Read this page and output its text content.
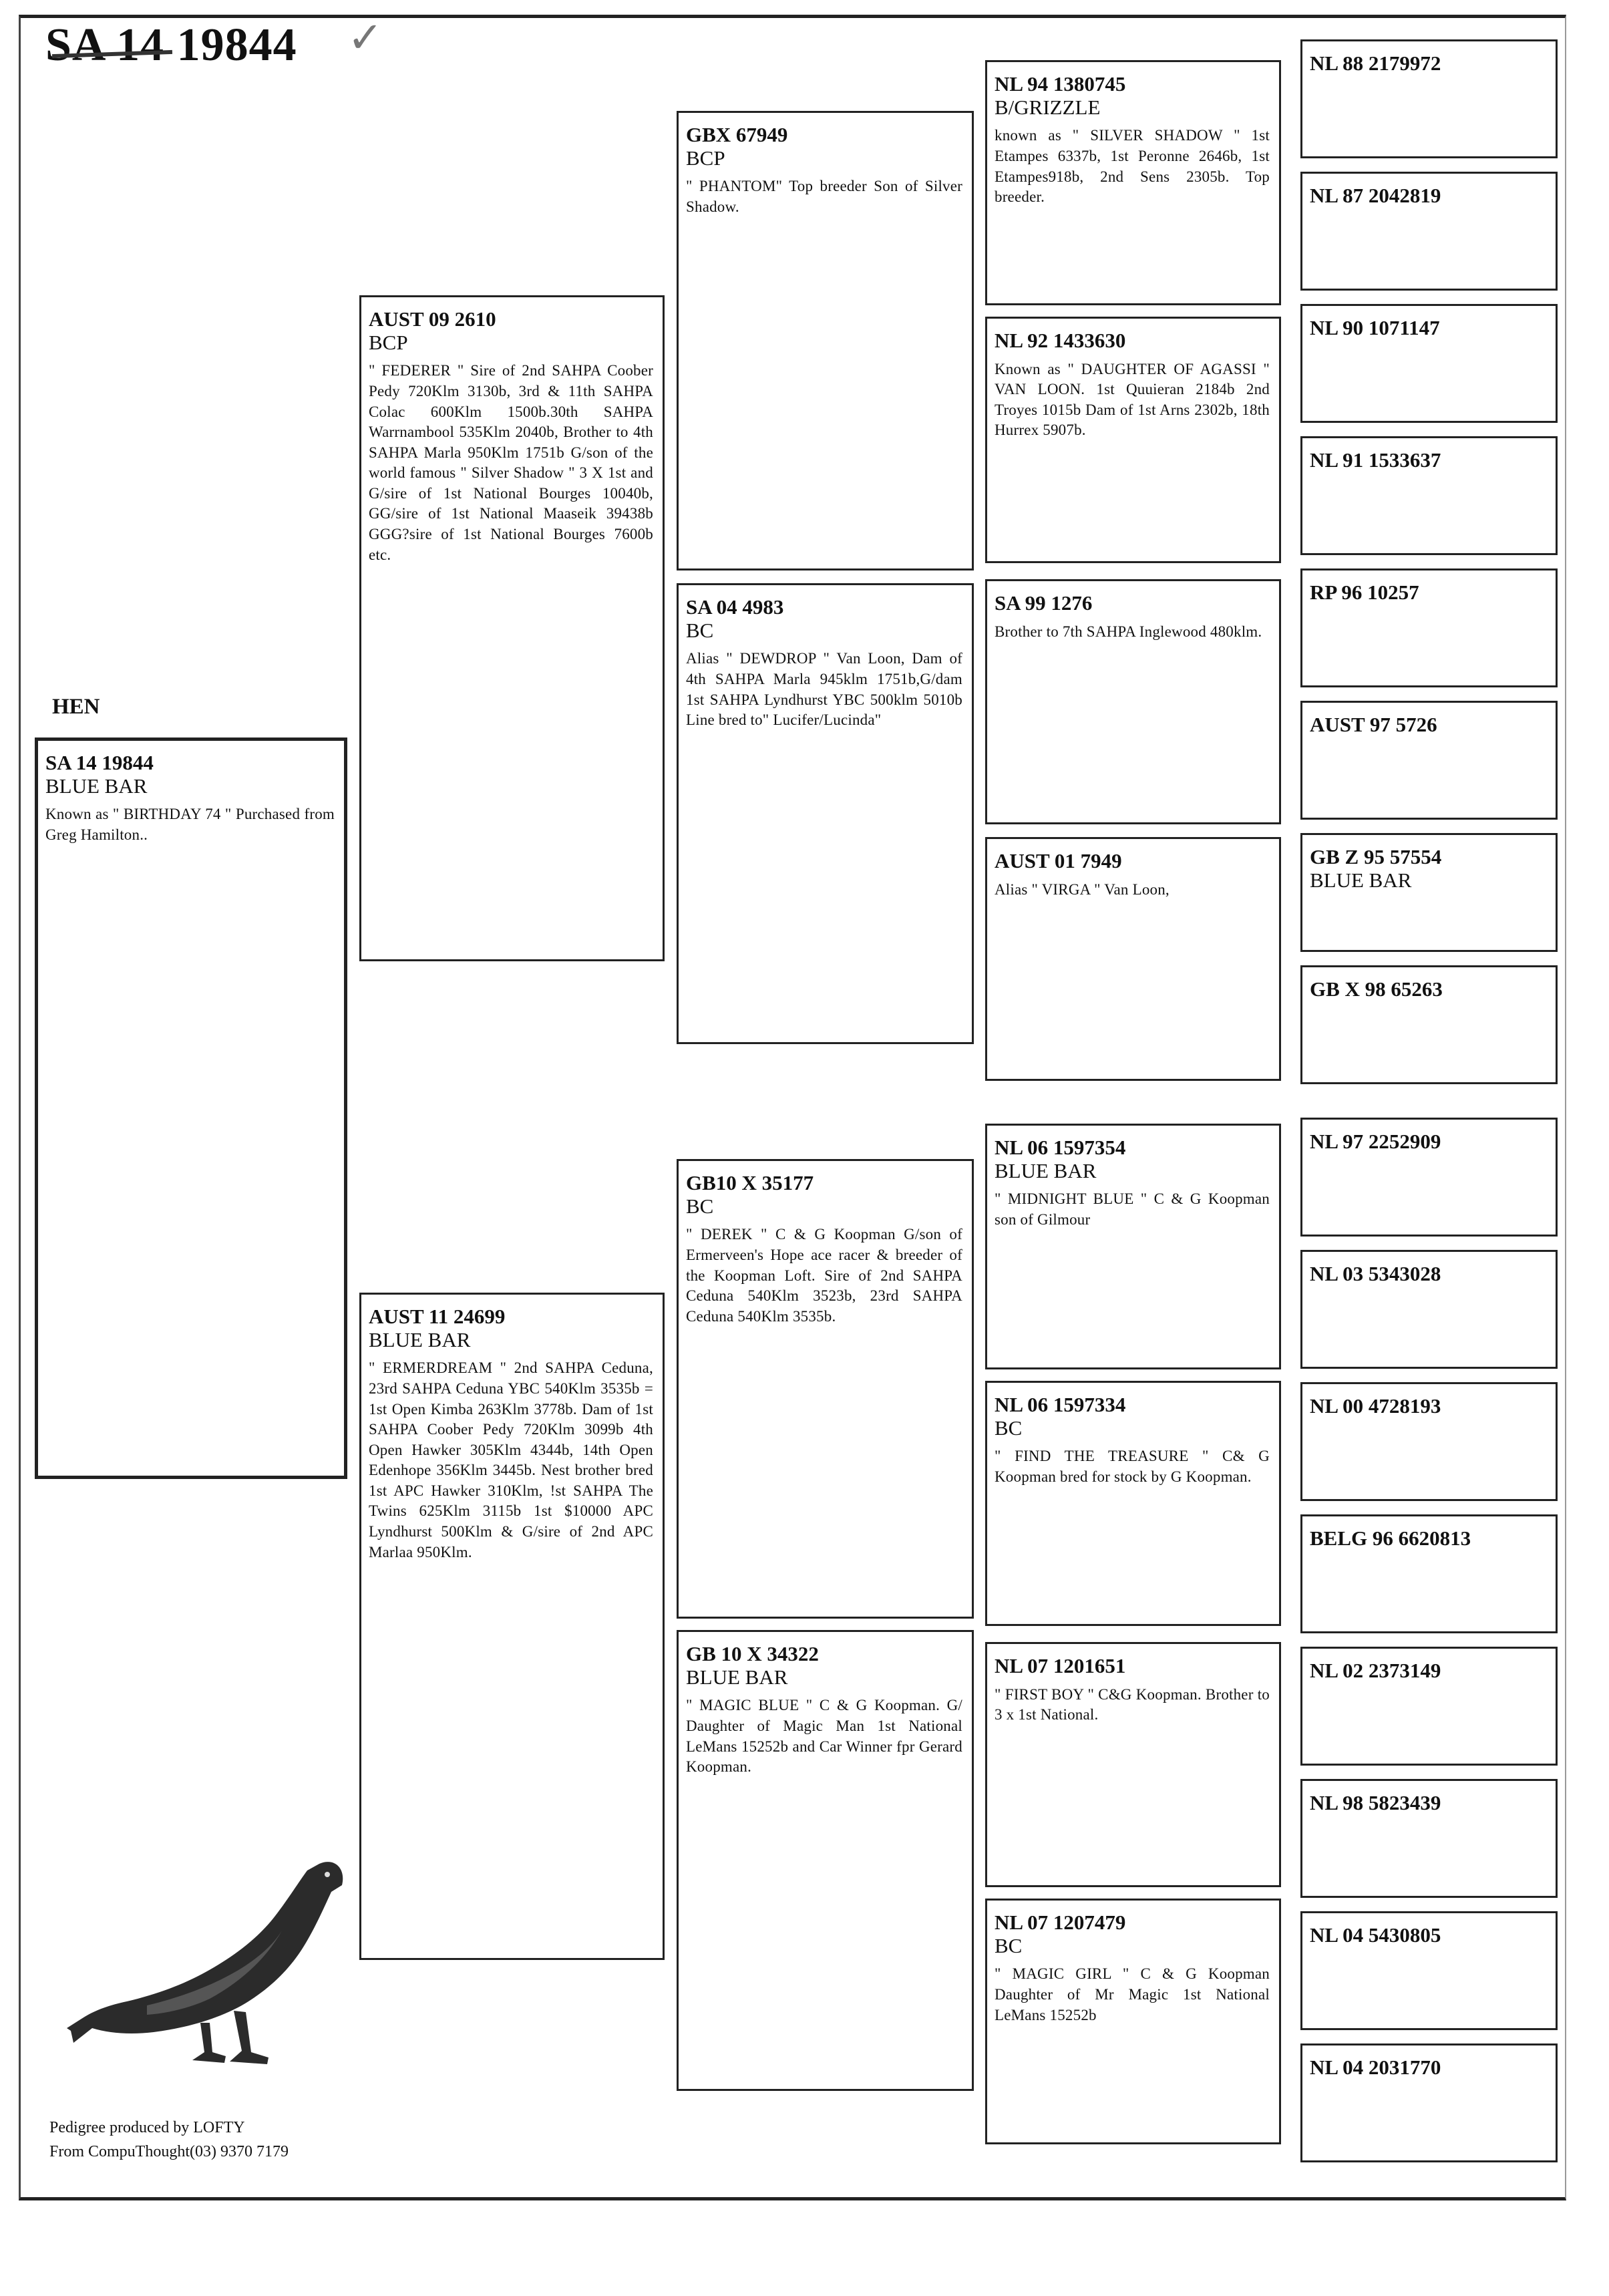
SA 14 19844 ✓
HEN
SA 14 19844
BLUE BAR
Known as " BIRTHDAY 74 " Purchased from Greg Hamilton..
AUST 09 2610
BCP
" FEDERER " Sire of 2nd SAHPA Coober Pedy 720Klm 3130b, 3rd & 11th SAHPA Colac 600Klm 1500b.30th SAHPA Warrnambool 535Klm 2040b, Brother to 4th SAHPA Marla 950Klm 1751b G/son of the world famous " Silver Shadow " 3 X 1st and G/sire of 1st National Bourges 10040b, GG/sire of 1st National Maaseik 39438b GGG?sire of 1st National Bourges 7600b etc.
AUST 11 24699
BLUE BAR
" ERMERDREAM " 2nd SAHPA Ceduna, 23rd SAHPA Ceduna YBC 540Klm 3535b = 1st Open Kimba 263Klm 3778b. Dam of 1st SAHPA Coober Pedy 720Klm 3099b 4th Open Hawker 305Klm 4344b, 14th Open Edenhope 356Klm 3445b. Nest brother bred 1st APC Hawker 310Klm, !st SAHPA The Twins 625Klm 3115b 1st $10000 APC Lyndhurst 500Klm & G/sire of 2nd APC Marlaa 950Klm.
GBX 67949
BCP
" PHANTOM" Top breeder Son of Silver Shadow.
SA 04 4983
BC
Alias " DEWDROP " Van Loon, Dam of 4th SAHPA Marla 945klm 1751b,G/dam 1st SAHPA Lyndhurst YBC 500klm 5010b Line bred to" Lucifer/Lucinda"
GB10 X 35177
BC
" DEREK " C & G Koopman G/son of Ermerveen's Hope ace racer & breeder of the Koopman Loft. Sire of 2nd SAHPA Ceduna 540Klm 3523b, 23rd SAHPA Ceduna 540Klm 3535b.
GB 10 X 34322
BLUE BAR
" MAGIC BLUE " C & G Koopman. G/ Daughter of Magic Man 1st National LeMans 15252b and Car Winner fpr Gerard Koopman.
NL 94 1380745
B/GRIZZLE
known as " SILVER SHADOW " 1st Etampes 6337b, 1st Peronne 2646b, 1st Etampes918b, 2nd Sens 2305b. Top breeder.
NL 92 1433630
Known as " DAUGHTER OF AGASSI " VAN LOON. 1st Quuieran 2184b 2nd Troyes 1015b Dam of 1st Arns 2302b, 18th Hurrex 5907b.
SA 99 1276
Brother to 7th SAHPA Inglewood 480klm.
AUST 01 7949
Alias " VIRGA " Van Loon,
NL 06 1597354
BLUE BAR
" MIDNIGHT BLUE " C & G Koopman son of Gilmour
NL 06 1597334
BC
" FIND THE TREASURE " C& G Koopman bred for stock by G Koopman.
NL 07 1201651
" FIRST BOY " C&G Koopman. Brother to 3 x 1st National.
NL 07 1207479
BC
" MAGIC GIRL " C & G Koopman Daughter of Mr Magic 1st National LeMans 15252b
NL 88 2179972
NL 87 2042819
NL 90 1071147
NL 91 1533637
RP 96 10257
AUST 97 5726
GB Z 95 57554
BLUE BAR
GB X 98 65263
NL 97 2252909
NL 03 5343028
NL 00 4728193
BELG 96 6620813
NL 02 2373149
NL 98 5823439
NL 04 5430805
NL 04 2031770
Pedigree produced by LOFTY
From CompuThought(03) 9370 7179
